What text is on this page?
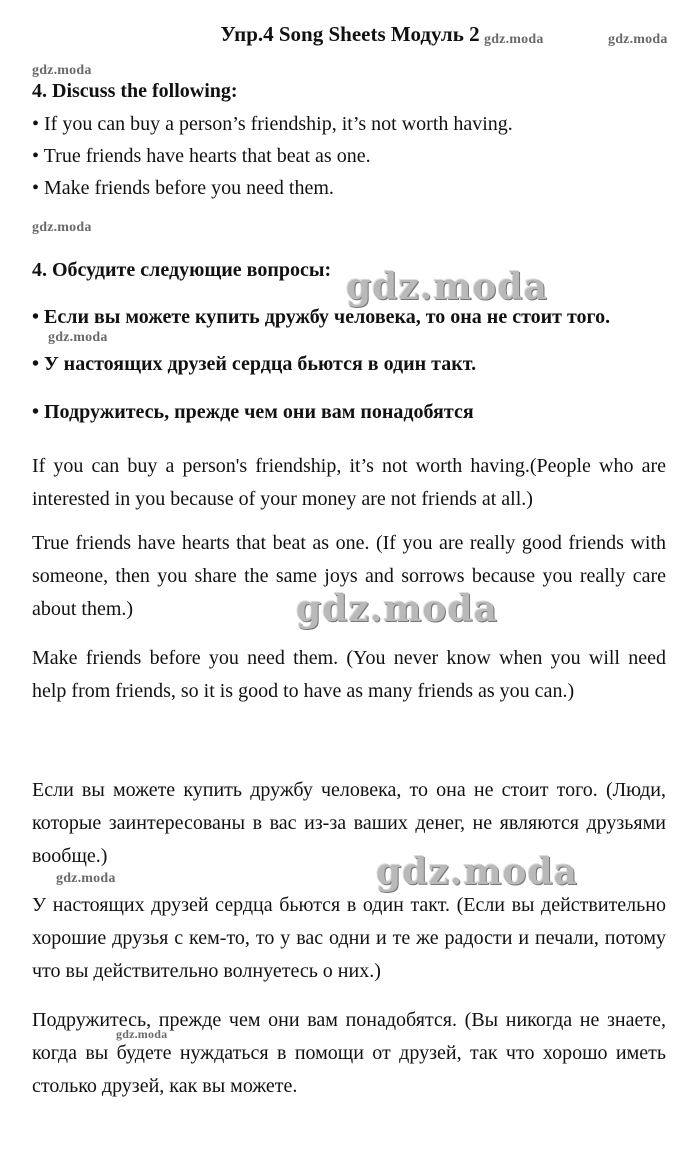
Упр.4 Song Sheets Модуль 2 gdz.moda	gdz.moda
gdz.moda
gdz.moda
gdz.moda
gdz.moda
gdz.moda
gdz.moda
gdz.moda
gdz.moda
4. Discuss the following:
• If you can buy a person’s friendship, it’s not worth having.
• True friends have hearts that beat as one.
• Make friends before you need them.
4. Обсудите следующие вопросы:
• Если вы можете купить дружбу человека, то она не стоит того.
• У настоящих друзей сердца бьются в один такт.
• Подружитесь, прежде чем они вам понадобятся
If you can buy a person's friendship, it’s not worth having.(People who are interested in you because of your money are not friends at all.)
True friends have hearts that beat as one. (If you are really good friends with someone, then you share the same joys and sorrows because you really care about them.)
Make friends before you need them. (You never know when you will need help from friends, so it is good to have as many friends as you can.)
Если вы можете купить дружбу человека, то она не стоит того. (Люди, которые заинтересованы в вас из-за ваших денег, не являются друзьями вообще.)
У настоящих друзей сердца бьются в один такт. (Если вы действительно хорошие друзья с кем-то, то у вас одни и те же радости и печали, потому что вы действительно волнуетесь о них.)
Подружитесь, прежде чем они вам понадобятся. (Вы никогда не знаете, когда вы будете нуждаться в помощи от друзей, так что хорошо иметь столько друзей, как вы можете.
